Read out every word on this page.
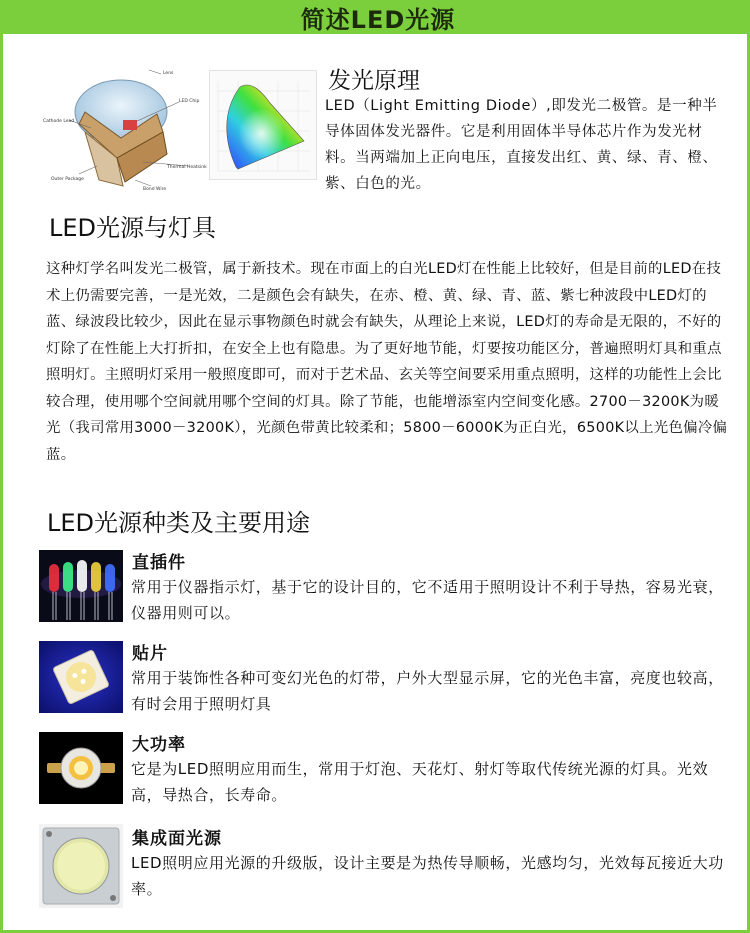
简述LED光源
Lens
LED Chip
Cathode Lead
Thermal Heatsink
Outer Package
Bond Wire
发光原理

LED（Light Emitting Diode）,即发光二极管。是一种半导体固体发光器件。它是利用固体半导体芯片作为发光材料。当两端加上正向电压，直接发出红、黄、绿、青、橙、紫、白色的光。

LED光源与灯具

这种灯学名叫发光二极管，属于新技术。现在市面上的白光LED灯在性能上比较好，但是目前的LED在技术上仍需要完善，一是光效，二是颜色会有缺失，在赤、橙、黄、绿、青、蓝、紫七种波段中LED灯的蓝、绿波段比较少，因此在显示事物颜色时就会有缺失，从理论上来说，LED灯的寿命是无限的，不好的灯除了在性能上大打折扣，在安全上也有隐患。为了更好地节能，灯要按功能区分，普遍照明灯具和重点照明灯。主照明灯采用一般照度即可，而对于艺术品、玄关等空间要采用重点照明，这样的功能性上会比较合理，使用哪个空间就用哪个空间的灯具。除了节能，也能增添室内空间变化感。2700－3200K为暖光（我司常用3000－3200K），光颜色带黄比较柔和；5800－6000K为正白光，6500K以上光色偏冷偏蓝。

LED光源种类及主要用途
直插件

常用于仪器指示灯，基于它的设计目的，它不适用于照明设计不利于导热，容易光衰，仪器用则可以。

贴片

常用于装饰性各种可变幻光色的灯带，户外大型显示屏，它的光色丰富，亮度也较高，有时会用于照明灯具

大功率

它是为LED照明应用而生，常用于灯泡、天花灯、射灯等取代传统光源的灯具。光效高，导热合，长寿命。

集成面光源

LED照明应用光源的升级版，设计主要是为热传导顺畅，光感均匀，光效每瓦接近大功率。
